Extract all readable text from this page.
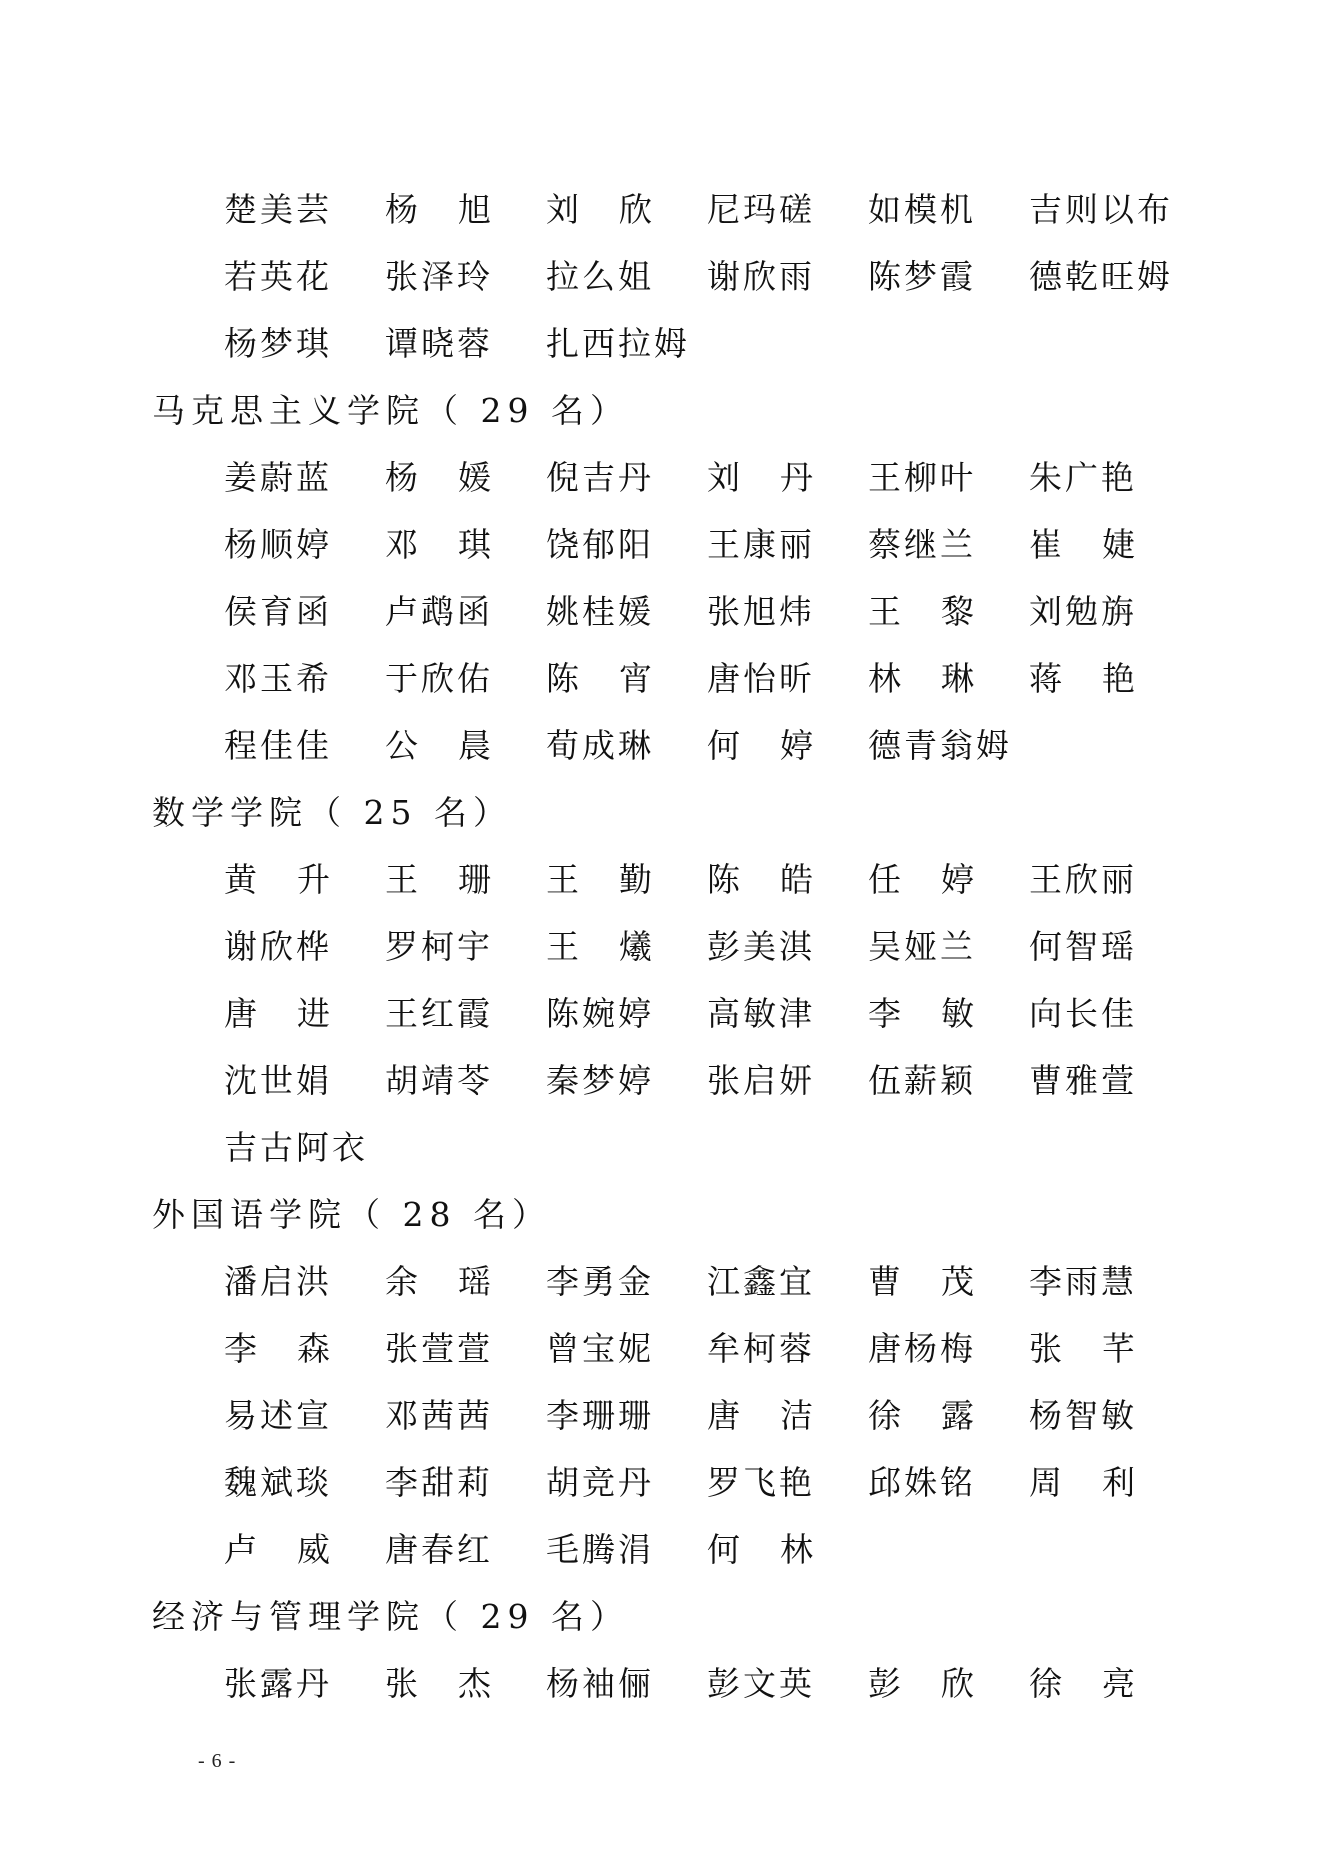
楚美芸	杨旭 刘欣 尼玛磋	如模机	吉则以布
若英花	张泽玲	拉么姐	谢欣雨	陈梦霞	德乾旺姆
杨梦琪	谭晓蓉	扎西拉姆
马克思主义学院（ 29 名）
姜蔚蓝	杨媛 倪吉丹	刘丹 王柳叶	朱广艳
杨顺婷	邓琪 饶郁阳	王康丽	蔡继兰	崔婕
侯育函	卢鹉函	姚桂媛	张旭炜	王黎 刘勉旃
邓玉希	于欣佑	陈宵 唐怡昕	林琳 蒋艳
程佳佳	公晨 荀成琳	何婷 德青翁姆
数学学院（ 25 名）
黄升 王珊 王勤 陈皓 任婷 王欣丽
谢欣桦	罗柯宇	王爔 彭美淇	吴娅兰	何智瑶
唐进 王红霞	陈婉婷	高敏津	李敏 向长佳
沈世娟	胡靖苓	秦梦婷	张启妍	伍薪颖	曹雅萱
吉古阿衣
外国语学院（ 28 名）
潘启洪	余瑶 李勇金	江鑫宜	曹茂 李雨慧
李森 张萱萱	曾宝妮	牟柯蓉	唐杨梅	张芊
易述宣	邓茜茜	李珊珊	唐洁 徐露 杨智敏
魏斌琰	李甜莉	胡竞丹	罗飞艳	邱姝铭	周利
卢威 唐春红	毛腾涓	何林
经济与管理学院（ 29 名）
张露丹	张杰 杨袖俪	彭文英	彭欣 徐亮
- 6 -
